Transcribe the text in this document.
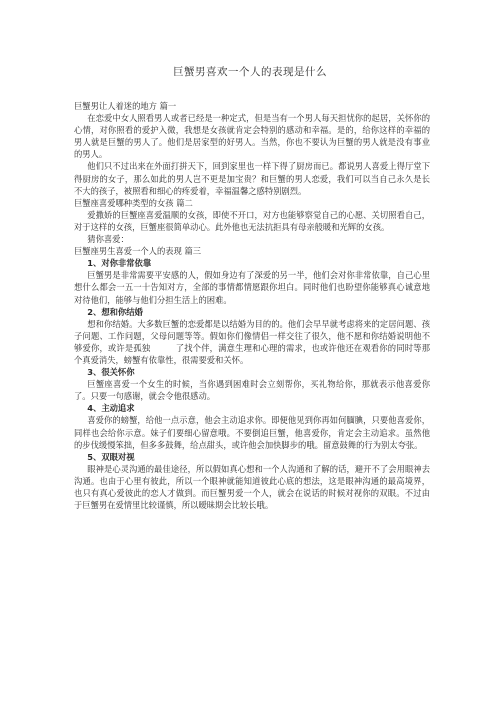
巨蟹男喜欢一个人的表现是什么

巨蟹男让人着迷的地方 篇一

在恋爱中女人照看男人或者已经是一种定式，但是当有一个男人每天担忧你的起居，关怀你的心情，对你照看的爱护入微，我想是女孩就肯定会特别的感动和幸福。是的，给你这样的幸福的男人就是巨蟹的男人了。他们是居家型的好男人。当然，你也不要认为巨蟹的男人就是没有事业的男人。

他们只不过出来在外面打拼天下，回到家里也一样下得了厨房而已。都说男人喜爱上得厅堂下得厨房的女子，那么如此的男人岂不更是加宝贵？和巨蟹的男人恋爱，我们可以当自己永久是长不大的孩子，被照看和细心的疼爱着，幸福温馨之感特别剧烈。

巨蟹座喜爱哪种类型的女孩 篇二

爱撒娇的巨蟹座喜爱温顺的女孩，即使不开口，对方也能够察觉自己的心愿、关切照看自己，对于这样的女孩，巨蟹座很简单动心。此外他也无法抗拒具有母亲般暖和光辉的女孩。

猜你喜爱：

巨蟹座男生喜爱一个人的表现 篇三

1、对你非常依靠

巨蟹男是非常需要平安感的人，假如身边有了深爱的另一半，他们会对你非常依靠，自己心里想什么都会一五一十告知对方，全部的事情都情愿跟你坦白。同时他们也盼望你能够真心诚意地对待他们，能够与他们分担生活上的困难。

2、想和你结婚

想和你结婚。大多数巨蟹的恋爱都是以结婚为目的的。他们会早早就考虑将来的定居问题、孩子问题、工作问题，父母问题等等。假如你们像情侣一样交往了很久，他不愿和你结婚说明他不够爱你，或许是孤独　　　了找个伴，满意生理和心理的需求，也或许他还在观看你的同时等那个真爱消失，螃蟹有依靠性，很需要爱和关怀。

3、很关怀你

巨蟹座喜爱一个女生的时候，当你遇到困难时会立刻帮你，买礼物给你，那就表示他喜爱你了。只要一句感谢，就会令他很感动。

4、主动追求

喜爱你的螃蟹，给他一点示意，他会主动追求你。即便他见到你再如何腼腆，只要他喜爱你，同样也会给你示意。妹子们要细心留意哦。不要倒追巨蟹，他喜爱你，肯定会主动追求。虽然他的步伐缓慢笨拙，但多多鼓舞，给点甜头，或许他会加快脚步的哦。留意鼓舞的行为别太夸张。

5、双眼对视

眼神是心灵沟通的最佳途径，所以假如真心想和一个人沟通和了解的话，避开不了会用眼神去沟通。也由于心里有彼此，所以一个眼神就能知道彼此心底的想法，这是眼神沟通的最高境界，也只有真心爱彼此的恋人才做到。而巨蟹男爱一个人，就会在说话的时候对视你的双眼。不过由于巨蟹男在爱情里比较谨慎，所以暧昧期会比较长哦。
